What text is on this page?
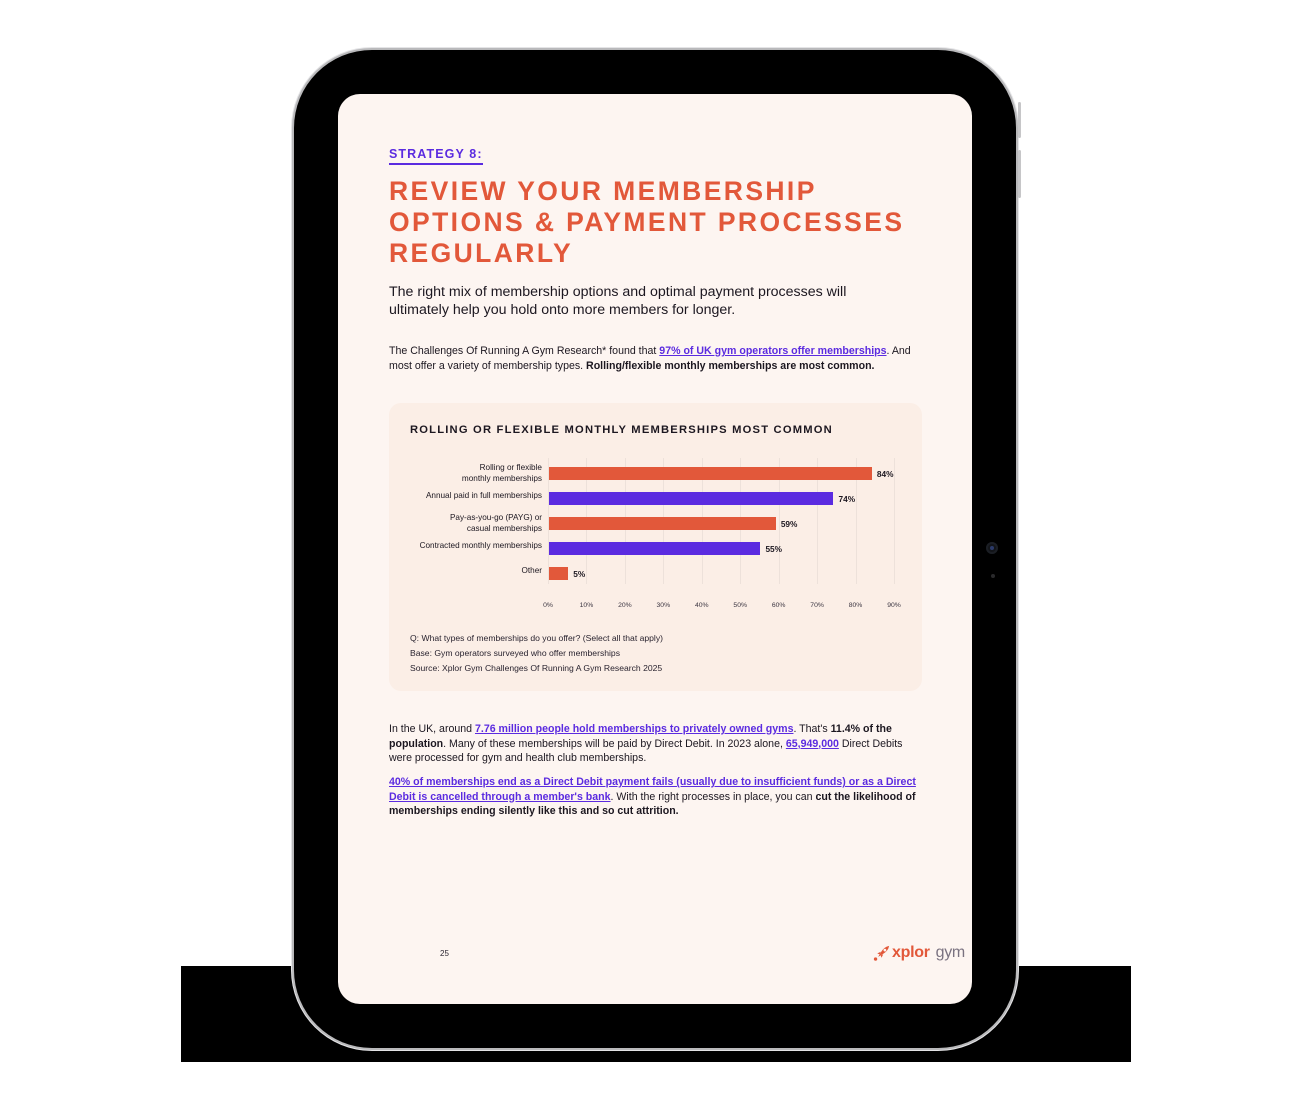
STRATEGY 8:
REVIEW YOUR MEMBERSHIP OPTIONS & PAYMENT PROCESSES REGULARLY

The right mix of membership options and optimal payment processes will ultimately help you hold onto more members for longer.

The Challenges Of Running A Gym Research* found that 97% of UK gym operators offer memberships. And most offer a variety of membership types. Rolling/flexible monthly memberships are most common.

ROLLING OR FLEXIBLE MONTHLY MEMBERSHIPS MOST COMMON
0%	10%	20%	30%	40%	50%	60%	70%	80%	90%
84%
74%
59%
55%
5%
Rolling or flexible
monthly memberships
Annual paid in full memberships
Pay-as-you-go (PAYG) or
casual memberships
Contracted monthly memberships
Other
Q: What types of memberships do you offer? (Select all that apply)
Base: Gym operators surveyed who offer memberships
Source: Xplor Gym Challenges Of Running A Gym Research 2025

In the UK, around 7.76 million people hold memberships to privately owned gyms. That's 11.4% of the population. Many of these memberships will be paid by Direct Debit. In 2023 alone, 65,949,000 Direct Debits were processed for gym and health club memberships.

40% of memberships end as a Direct Debit payment fails (usually due to insufficient funds) or as a Direct Debit is cancelled through a member's bank. With the right processes in place, you can cut the likelihood of memberships ending silently like this and so cut attrition.

25	xplor gym
